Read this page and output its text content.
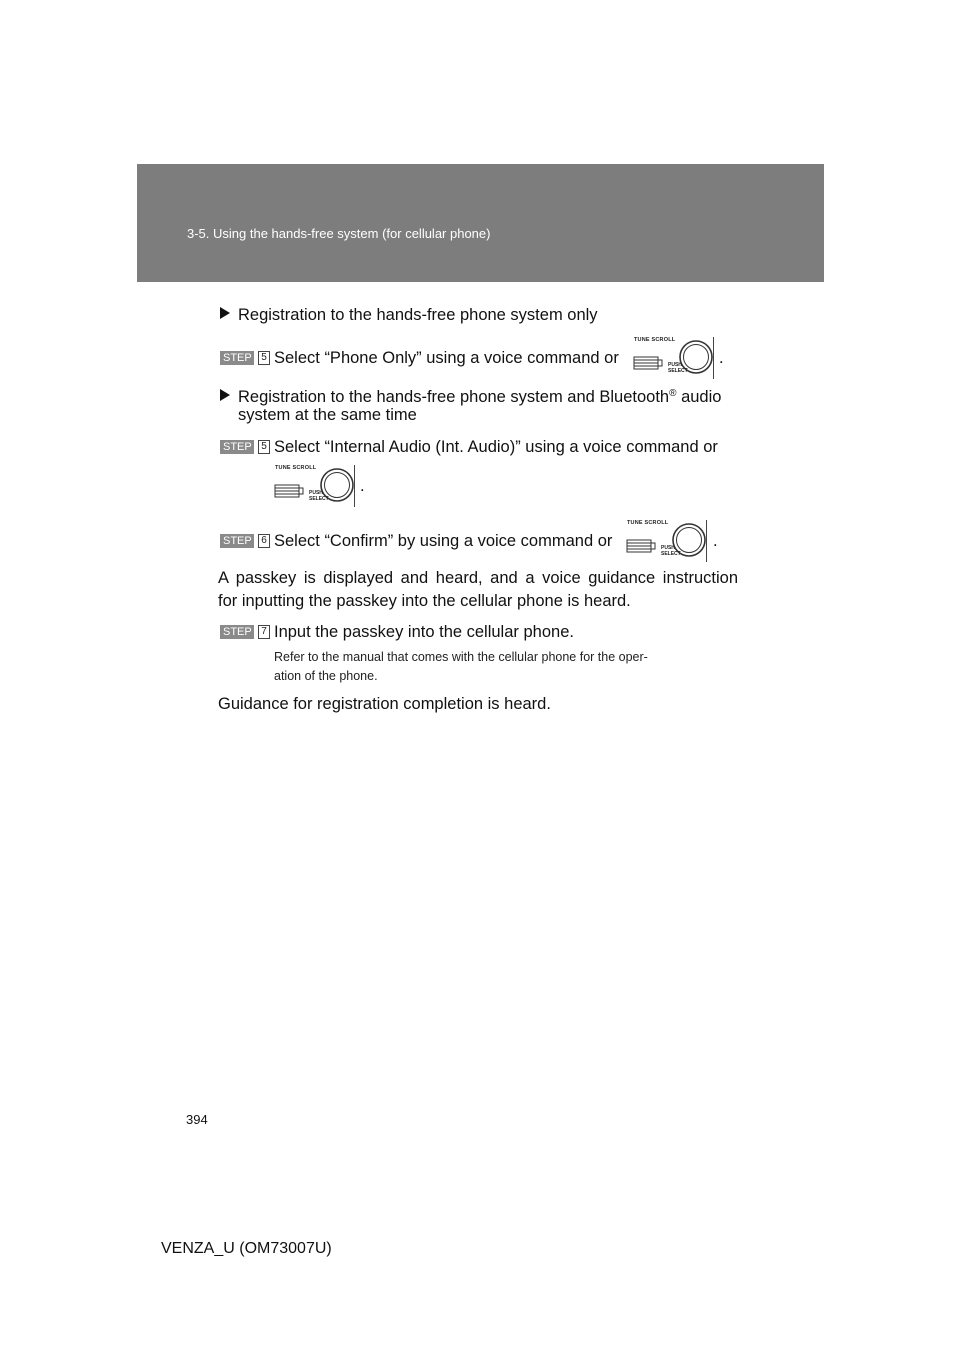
3-5. Using the hands-free system (for cellular phone)
Registration to the hands-free phone system only
STEP 5 Select “Phone Only” using a voice command or
TUNE SCROLL
PUSH
SELECT
.
Registration to the hands-free phone system and Bluetooth® audio
system at the same time
STEP 5 Select “Internal Audio (Int. Audio)” using a voice command or
TUNE SCROLL
PUSH
SELECT
.
STEP 6 Select “Confirm” by using a voice command or
TUNE SCROLL
PUSH
SELECT
.
A passkey is displayed and heard, and a voice guidance instruction
for inputting the passkey into the cellular phone is heard.
STEP 7 Input the passkey into the cellular phone.
Refer to the manual that comes with the cellular phone for the oper-
ation of the phone.
Guidance for registration completion is heard.
394
VENZA_U (OM73007U)
